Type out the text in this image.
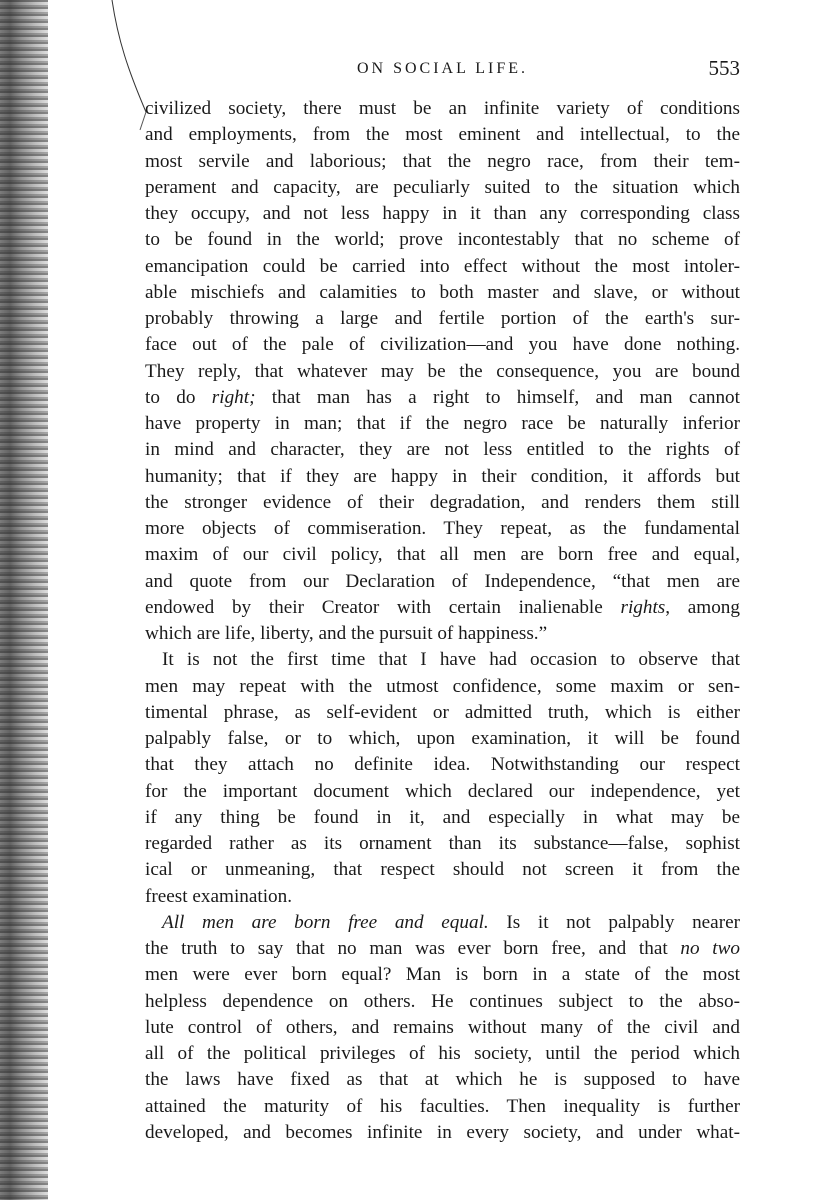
ON SOCIAL LIFE.	553
civilized society, there must be an infinite variety of conditions
and employments, from the most eminent and intellectual, to the
most servile and laborious; that the negro race, from their tem-
perament and capacity, are peculiarly suited to the situation which
they occupy, and not less happy in it than any corresponding class
to be found in the world; prove incontestably that no scheme of
emancipation could be carried into effect without the most intoler-
able mischiefs and calamities to both master and slave, or without
probably throwing a large and fertile portion of the earth's sur-
face out of the pale of civilization—and you have done nothing.
They reply, that whatever may be the consequence, you are bound
to do right; that man has a right to himself, and man cannot
have property in man; that if the negro race be naturally inferior
in mind and character, they are not less entitled to the rights of
humanity; that if they are happy in their condition, it affords but
the stronger evidence of their degradation, and renders them still
more objects of commiseration. They repeat, as the fundamental
maxim of our civil policy, that all men are born free and equal,
and quote from our Declaration of Independence, “that men are
endowed by their Creator with certain inalienable rights, among
which are life, liberty, and the pursuit of happiness.”
It is not the first time that I have had occasion to observe that
men may repeat with the utmost confidence, some maxim or sen-
timental phrase, as self-evident or admitted truth, which is either
palpably false, or to which, upon examination, it will be found
that they attach no definite idea. Notwithstanding our respect
for the important document which declared our independence, yet
if any thing be found in it, and especially in what may be
regarded rather as its ornament than its substance—false, sophist
ical or unmeaning, that respect should not screen it from the
freest examination.
All men are born free and equal. Is it not palpably nearer
the truth to say that no man was ever born free, and that no two
men were ever born equal? Man is born in a state of the most
helpless dependence on others. He continues subject to the abso-
lute control of others, and remains without many of the civil and
all of the political privileges of his society, until the period which
the laws have fixed as that at which he is supposed to have
attained the maturity of his faculties. Then inequality is further
developed, and becomes infinite in every society, and under what-
